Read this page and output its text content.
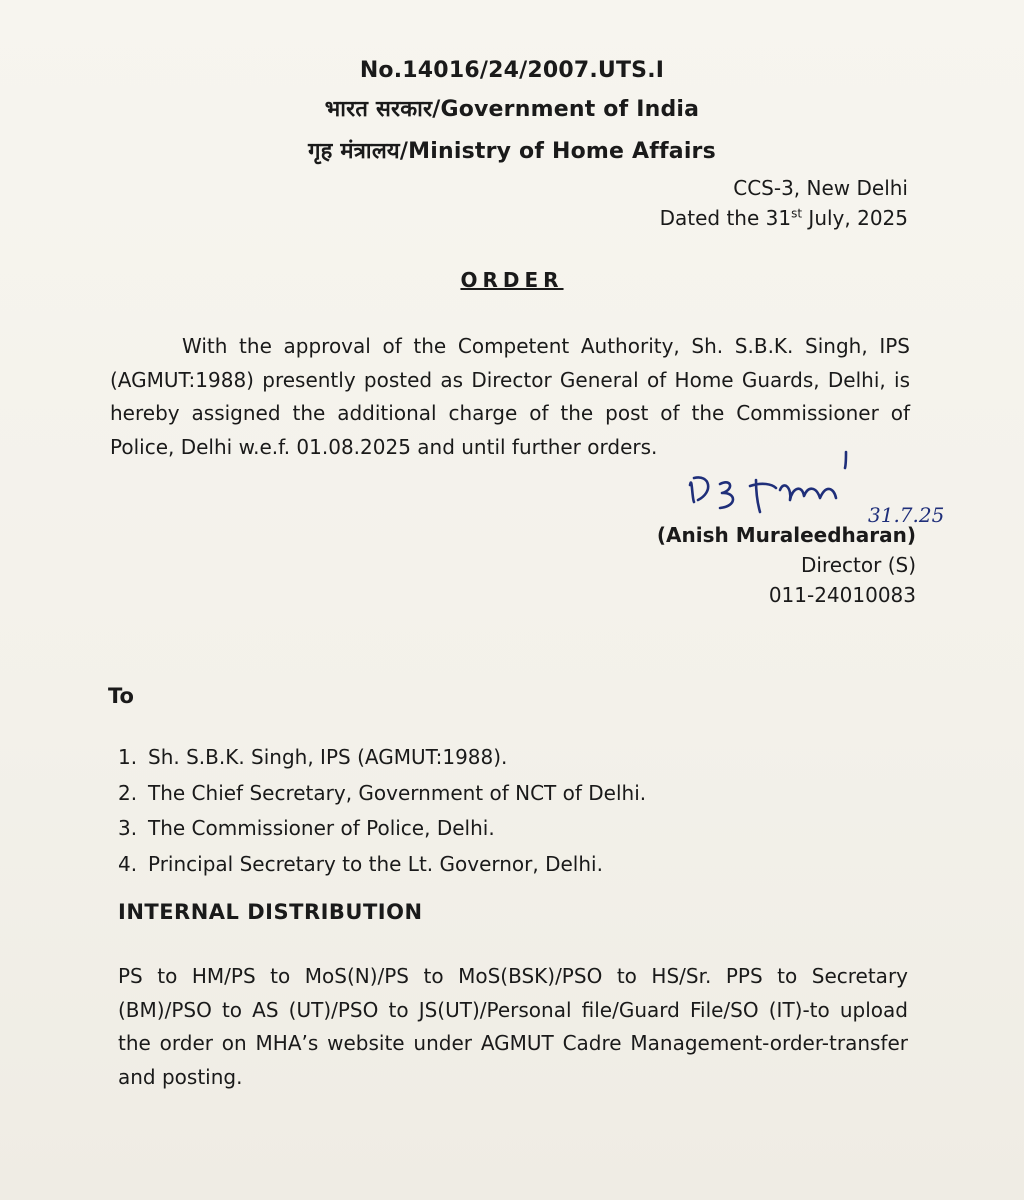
No.14016/24/2007.UTS.I
भारत सरकार/Government of India
गृह मंत्रालय/Ministry of Home Affairs
CCS-3, New Delhi
Dated the 31st July, 2025
ORDER
With the approval of the Competent Authority, Sh. S.B.K. Singh, IPS (AGMUT:1988) presently posted as Director General of Home Guards, Delhi, is hereby assigned the additional charge of the post of the Commissioner of Police, Delhi w.e.f. 01.08.2025 and until further orders.
31.7.25
(Anish Muraleedharan)
Director (S)
011-24010083
To
1. Sh. S.B.K. Singh, IPS (AGMUT:1988).
2. The Chief Secretary, Government of NCT of Delhi.
3. The Commissioner of Police, Delhi.
4. Principal Secretary to the Lt. Governor, Delhi.
INTERNAL DISTRIBUTION
PS to HM/PS to MoS(N)/PS to MoS(BSK)/PSO to HS/Sr. PPS to Secretary (BM)/PSO to AS (UT)/PSO to JS(UT)/Personal file/Guard File/SO (IT)-to upload the order on MHA’s website under AGMUT Cadre Management-order-transfer and posting.
